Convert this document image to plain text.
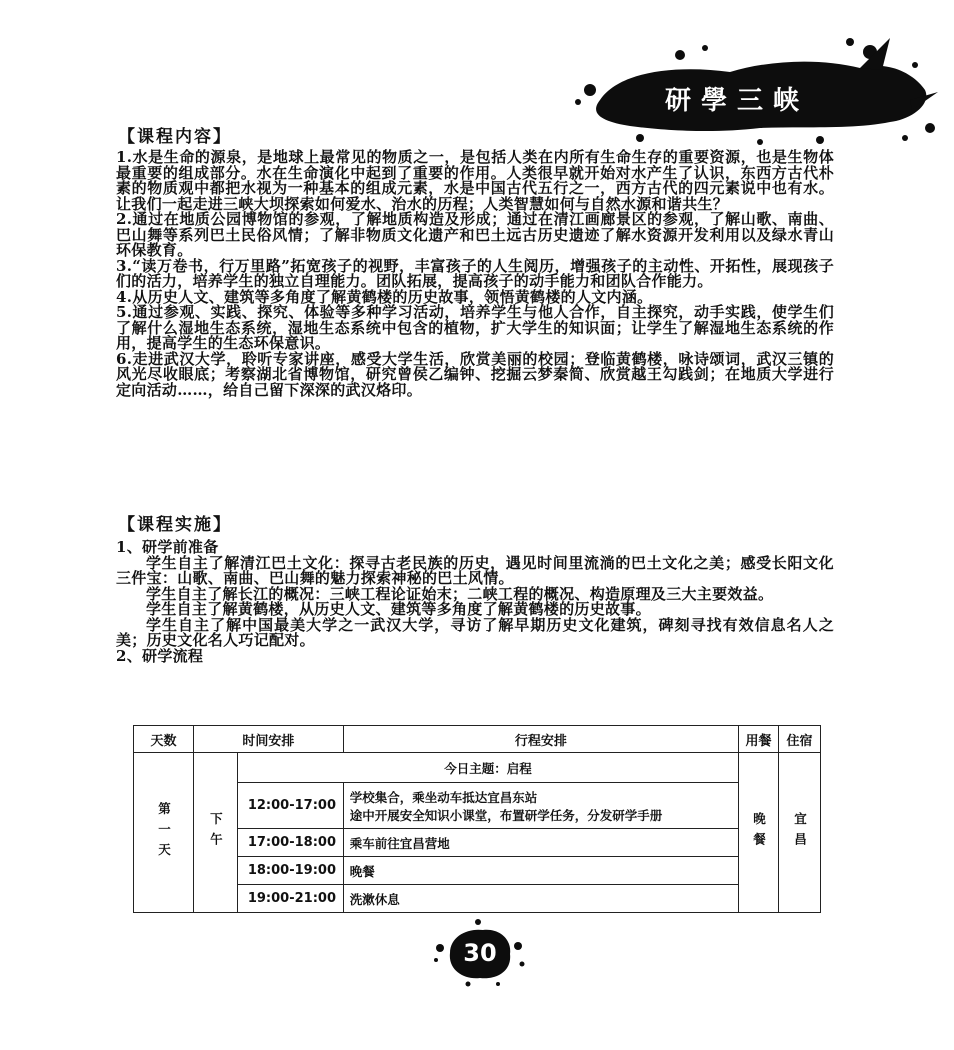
研學三峡
【课程内容】

1.水是生命的源泉，是地球上最常见的物质之一，是包括人类在内所有生命生存的重要资源，也是生物体最重要的组成部分。水在生命演化中起到了重要的作用。人类很早就开始对水产生了认识，东西方古代朴素的物质观中都把水视为一种基本的组成元素，水是中国古代五行之一，西方古代的四元素说中也有水。让我们一起走进三峡大坝探索如何爱水、治水的历程；人类智慧如何与自然水源和谐共生？

2.通过在地质公园博物馆的参观，了解地质构造及形成；通过在清江画廊景区的参观，了解山歌、南曲、巴山舞等系列巴土民俗风情；了解非物质文化遗产和巴土远古历史遗迹了解水资源开发利用以及绿水青山环保教育。

3.“读万卷书，行万里路”拓宽孩子的视野，丰富孩子的人生阅历，增强孩子的主动性、开拓性，展现孩子们的活力，培养学生的独立自理能力。团队拓展，提高孩子的动手能力和团队合作能力。

4.从历史人文、建筑等多角度了解黄鹤楼的历史故事，领悟黄鹤楼的人文内涵。

5.通过参观、实践、探究、体验等多种学习活动，培养学生与他人合作，自主探究，动手实践，使学生们了解什么湿地生态系统，湿地生态系统中包含的植物，扩大学生的知识面；让学生了解湿地生态系统的作用，提高学生的生态环保意识。

6.走进武汉大学，聆听专家讲座，感受大学生活，欣赏美丽的校园；登临黄鹤楼，咏诗颂词，武汉三镇的风光尽收眼底；考察湖北省博物馆，研究曾侯乙编钟、挖掘云梦秦简、欣赏越王勾践剑；在地质大学进行定向活动……，给自己留下深深的武汉烙印。

【课程实施】

1、研学前准备

学生自主了解清江巴土文化：探寻古老民族的历史，遇见时间里流淌的巴土文化之美；感受长阳文化三件宝：山歌、南曲、巴山舞的魅力探索神秘的巴土风情。

学生自主了解长江的概况：三峡工程论证始末；二峡工程的概况、构造原理及三大主要效益。

学生自主了解黄鹤楼，从历史人文、建筑等多角度了解黄鹤楼的历史故事。

学生自主了解中国最美大学之一武汉大学，寻访了解早期历史文化建筑，碑刻寻找有效信息名人之美；历史文化名人巧记配对。

2、研学流程

天数	时间安排		行程安排	用餐	住宿

第一天	下午	今日主题：启程		晚餐	宜昌

		12:00-17:00	学校集合，乘坐动车抵达宜昌东站
途中开展安全知识小课堂，布置研学任务，分发研学手册		

		17:00-18:00	乘车前往宜昌营地		
		18:00-19:00	晚餐		
		19:00-21:00	洗漱休息		
30
